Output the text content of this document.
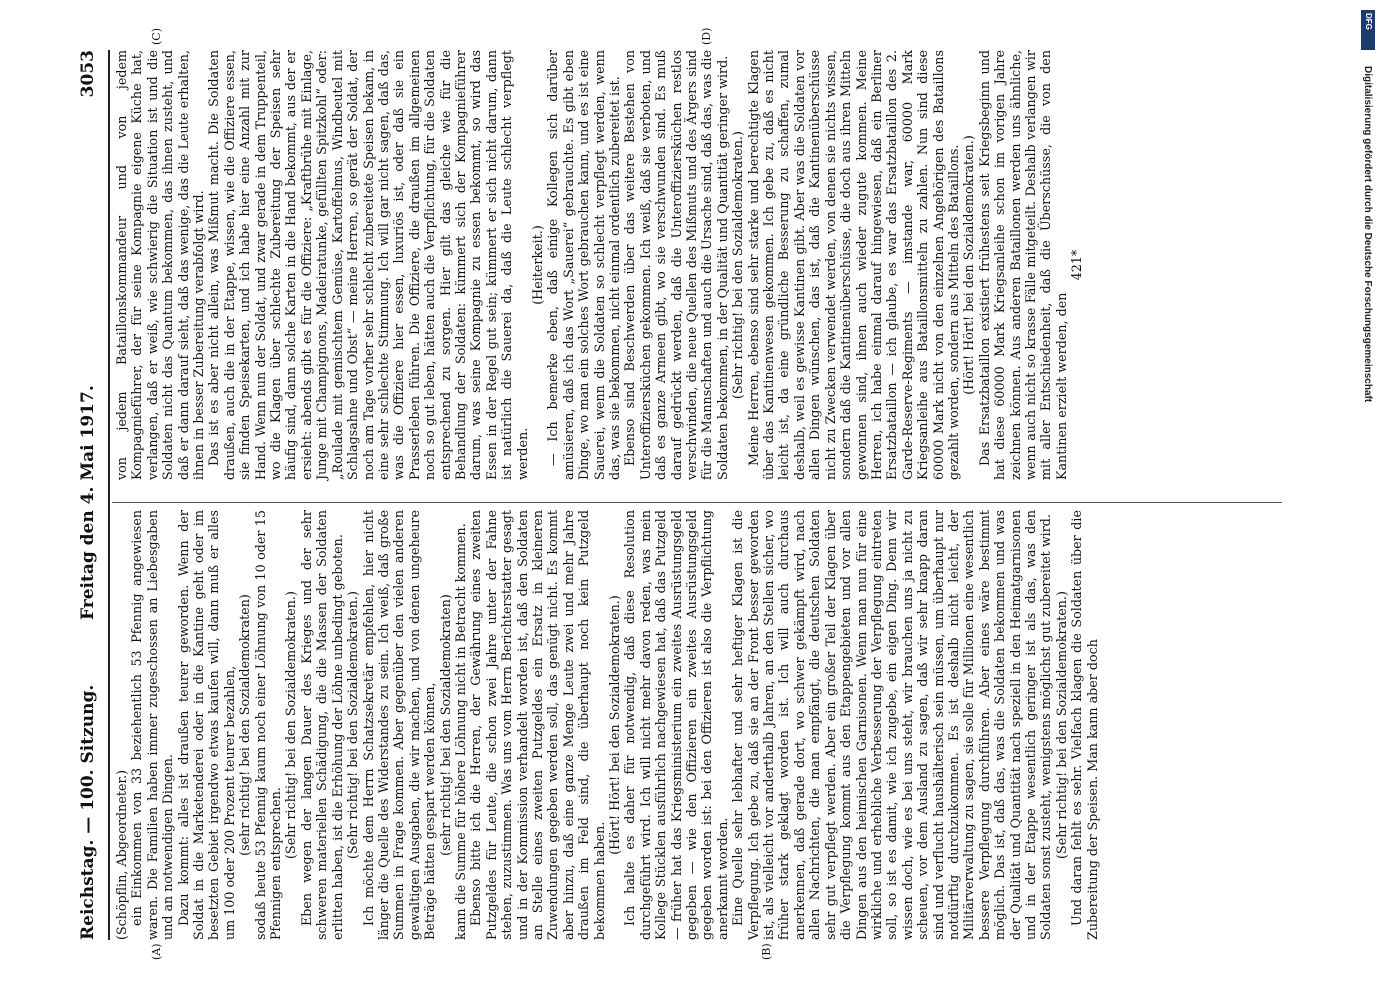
Reichstag. — 100. Sitzung.
Freitag den 4. Mai 1917.
3053
(A)	(B)
(C)	(D)

(Schöpflin, Abgeordneter.) ein Einkommen von 33 beziehentlich 53 Pfennig angewiesen waren. Die Familien haben immer zugeschossen an Liebesgaben und an notwendigen Dingen. Dazu kommt: alles ist draußen teurer geworden. Wenn der Soldat in die Marketenderei oder in die Kantine geht oder im besetzten Gebiet irgendwo etwas kaufen will, dann muß er alles um 100 oder 200 Prozent teurer bezahlen, (sehr richtig! bei den Sozialdemokraten) sodaß heute 53 Pfennig kaum noch einer Löhnung von 10 oder 15 Pfennigen entsprechen.

(Sehr richtig! bei den Sozialdemokraten.) Eben wegen der langen Dauer des Krieges und der sehr schweren materiellen Schädigung, die die Massen der Soldaten erlitten haben, ist die Erhöhung der Löhne unbedingt geboten. (Sehr richtig! bei den Sozialdemokraten.) Ich möchte dem Herrn Schatzsekretär empfehlen, hier nicht länger die Quelle des Widerstandes zu sein. Ich weiß, daß große Summen in Frage kommen. Aber gegenüber den vielen anderen gewaltigen Ausgaben, die wir machen, und von denen ungeheure Beträge hätten gespart werden können, (sehr richtig! bei den Sozialdemokraten) kann die Summe für höhere Löhnung nicht in Betracht kommen. Ebenso bitte ich die Herren, der Gewährung eines zweiten Putzgeldes für Leute, die schon zwei Jahre unter der Fahne stehen, zuzustimmen. Was uns vom Herrn Berichterstatter gesagt und in der Kommission verhandelt worden ist, daß den Soldaten an Stelle eines zweiten Putzgeldes ein Ersatz in kleineren Zuwendungen gegeben werden soll, das genügt nicht. Es kommt aber hinzu, daß eine ganze Menge Leute zwei und mehr Jahre draußen im Feld sind, die überhaupt noch kein Putzgeld bekommen haben.

(Hört! Hört! bei den Sozialdemokraten.) Ich halte es daher für notwendig, daß diese Resolution durchgeführt wird. Ich will nicht mehr davon reden, was mein Kollege Stücklen ausführlich nachgewiesen hat, daß das Putzgeld — früher hat das Kriegsministerium ein zweites Ausrüstungsgeld gegeben — wie den Offizieren ein zweites Ausrüstungsgeld gegeben worden ist: bei den Offizieren ist also die Verpflichtung anerkannt worden. Eine Quelle sehr lebhafter und sehr heftiger Klagen ist die Verpflegung. Ich gebe zu, daß sie an der Front besser geworden ist, als vielleicht vor anderthalb Jahren, an den Stellen sicher, wo früher stark geklagt worden ist. Ich will auch durchaus anerkennen, daß gerade dort, wo schwer gekämpft wird, nach allen Nachrichten, die man empfängt, die deutschen Soldaten sehr gut verpflegt werden. Aber ein großer Teil der Klagen über die Verpflegung kommt aus den Etappengebieten und vor allen Dingen aus den heimischen Garnisonen. Wenn man nun für eine wirkliche und erhebliche Verbesserung der Verpflegung eintreten soll, so ist es damit, wie ich zugebe, ein eigen Ding. Denn wir wissen doch, wie es bei uns steht, wir brauchen uns ja nicht zu scheuen, vor dem Ausland zu sagen, daß wir sehr knapp daran sind und verflucht haushälterisch sein müssen, um überhaupt nur notdürftig durchzukommen. Es ist deshalb nicht leicht, der Militärverwaltung zu sagen, sie solle für Millionen eine wesentlich bessere Verpflegung durchführen. Aber eines wäre bestimmt möglich. Das ist, daß das, was die Soldaten bekommen und was der Qualität und Quantität nach speziell in den Heimatgarnisonen und in der Etappe wesentlich geringer ist als das, was den Soldaten sonst zusteht, wenigstens möglichst gut zubereitet wird. (Sehr richtig! bei den Sozialdemokraten.) Und daran fehlt es sehr. Vielfach klagen die Soldaten über die Zubereitung der Speisen. Man kann aber doch

von jedem Bataillonskommandeur und von jedem Kompagnieführer, der für seine Kompagnie eigene Küche hat, verlangen, daß er weiß, wie schwierig die Situation ist und die Soldaten nicht das Quantum bekommen, das ihnen zusteht, und daß er dann darauf sieht, daß das wenige, das die Leute erhalten, ihnen in besser Zubereitung verabfolgt wird. Das ist es aber nicht allein, was Mißmut macht. Die Soldaten draußen, auch die in der Etappe, wissen, wie die Offiziere essen, sie finden Speisekarten, und ich habe hier eine Anzahl mit zur Hand. Wenn nun der Soldat, und zwar gerade in dem Truppenteil, wo die Klagen über schlechte Zubereitung der Speisen sehr häufig sind, dann solche Karten in die Hand bekommt, aus der er ersieht: abends gibt es für die Offiziere: „Kraftbrühe mit Einlage, Junge mit Champignons, Madeiratunke, gefüllten Spitzkohl“ oder: „Roulade mit gemischtem Gemüse, Kartoffelmus, Windbeutel mit Schlagsahne und Obst“ — meine Herren, so gerät der Soldat, der noch am Tage vorher sehr schlecht zubereitete Speisen bekam, in eine sehr schlechte Stimmung. Ich will gar nicht sagen, daß das, was die Offiziere hier essen, luxuriös ist, oder daß sie ein Prasserleben führen. Die Offiziere, die draußen im allgemeinen noch so gut leben, hätten auch die Verpflichtung, für die Soldaten entsprechend zu sorgen. Hier gilt das gleiche wie für die Behandlung der Soldaten: kümmert sich der Kompagnieführer darum, was seine Kompagnie zu essen bekommt, so wird das Essen in der Regel gut sein; kümmert er sich nicht darum, dann ist natürlich die Sauerei da, daß die Leute schlecht verpflegt werden.

(Heiterkeit.) — Ich bemerke eben, daß einige Kollegen sich darüber amüsieren, daß ich das Wort „Sauerei“ gebrauchte. Es gibt eben Dinge, wo man ein solches Wort gebrauchen kann, und es ist eine Sauerei, wenn die Soldaten so schlecht verpflegt werden, wenn das, was sie bekommen, nicht einmal ordentlich zubereitet ist. Ebenso sind Beschwerden über das weitere Bestehen von Unteroffiziersküchen gekommen. Ich weiß, daß sie verboten, und daß es ganze Armeen gibt, wo sie verschwunden sind. Es muß darauf gedrückt werden, daß die Unteroffiziersküchen restlos verschwinden, die neue Quellen des Mißmuts und des Ärgers sind für die Mannschaften und auch die Ursache sind, daß das, was die Soldaten bekommen, in der Qualität und Quantität geringer wird. (Sehr richtig! bei den Sozialdemokraten.) Meine Herren, ebenso sind sehr starke und berechtigte Klagen über das Kantinenwesen gekommen. Ich gebe zu, daß es nicht leicht ist, da eine gründliche Besserung zu schaffen, zumal deshalb, weil es gewisse Kantinen gibt. Aber was die Soldaten vor allen Dingen wünschen, das ist, daß die Kantinenüberschüsse nicht zu Zwecken verwendet werden, von denen sie nichts wissen, sondern daß die Kantinenüberschüsse, die doch aus ihren Mitteln gewonnen sind, ihnen auch wieder zugute kommen. Meine Herren, ich habe einmal darauf hingewiesen, daß ein Berliner Ersatzbataillon — ich glaube, es war das Ersatzbataillon des 2. Garde-Reserve-Regiments — imstande war, 60000 Mark Kriegsanleihe aus Bataillonsmitteln zu zahlen. Nun sind diese 60000 Mark nicht von den einzelnen Angehörigen des Bataillons gezahlt worden, sondern aus Mitteln des Bataillons. (Hört! Hört! bei den Sozialdemokraten.) Das Ersatzbataillon existiert frühestens seit Kriegsbeginn und hat diese 60000 Mark Kriegsanleihe schon im vorigen Jahre zeichnen können. Aus anderen Bataillonen werden uns ähnliche, wenn auch nicht so krasse Fälle mitgeteilt. Deshalb verlangen wir mit aller Entschiedenheit, daß die Überschüsse, die von den Kantinen erzielt werden, den

421*

DFG
Digitalisierung gefördert durch die Deutsche Forschungsgemeinschaft
